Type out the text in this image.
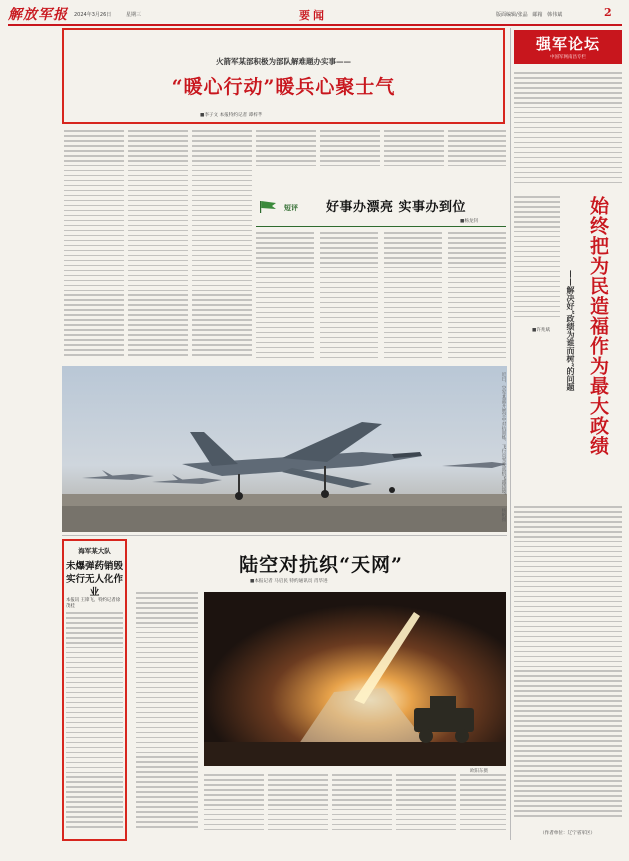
解放军报 2024年3月26日	星期三	要闻	版面编辑/张晶 邮箱 韩伟斌	2
火箭军某部积极为部队解难题办实事——
“暖心行动”暖兵心聚士气
■李子文 本报特约记者 谭梓芊
短评 好事办漂亮 实事办到位
■杨龙钊
强军论坛
中国军网南昌专栏
始终把为民造福作为最大政绩
——解决好“政绩为谁而树”的问题
■许兆斌
（作者单位：辽宁省军区）
近日，空军某部开展空中对抗训练，飞行员驾驶战机飞越边境。
杨帆摄
海军某大队
未爆弹药销毁实行无人化作业
本报讯 王锋飞、特约记者徐茂桂
陆空对抗织“天网”
■本报记者 马启民 特约通讯员 肖毕进
欧阳东摄
